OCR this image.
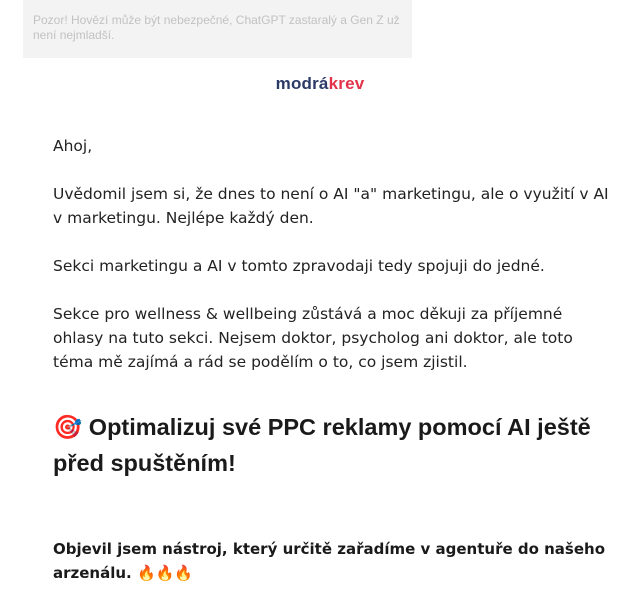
Pozor! Hovězí může být nebezpečné, ChatGPT zastaralý a Gen Z už není nejmladší.
modrákrev

Ahoj,

Uvědomil jsem si, že dnes to není o AI "a" marketingu, ale o využití v AI v marketingu. Nejlépe každý den.

Sekci marketingu a AI v tomto zpravodaji tedy spojuji do jedné.

Sekce pro wellness & wellbeing zůstává a moc děkuji za příjemné ohlasy na tuto sekci. Nejsem doktor, psycholog ani doktor, ale toto téma mě zajímá a rád se podělím o to, co jsem zjistil.

🎯 Optimalizuj své PPC reklamy pomocí AI ještě před spuštěním!

Objevil jsem nástroj, který určitě zařadíme v agentuře do našeho arzenálu. 🔥🔥🔥
